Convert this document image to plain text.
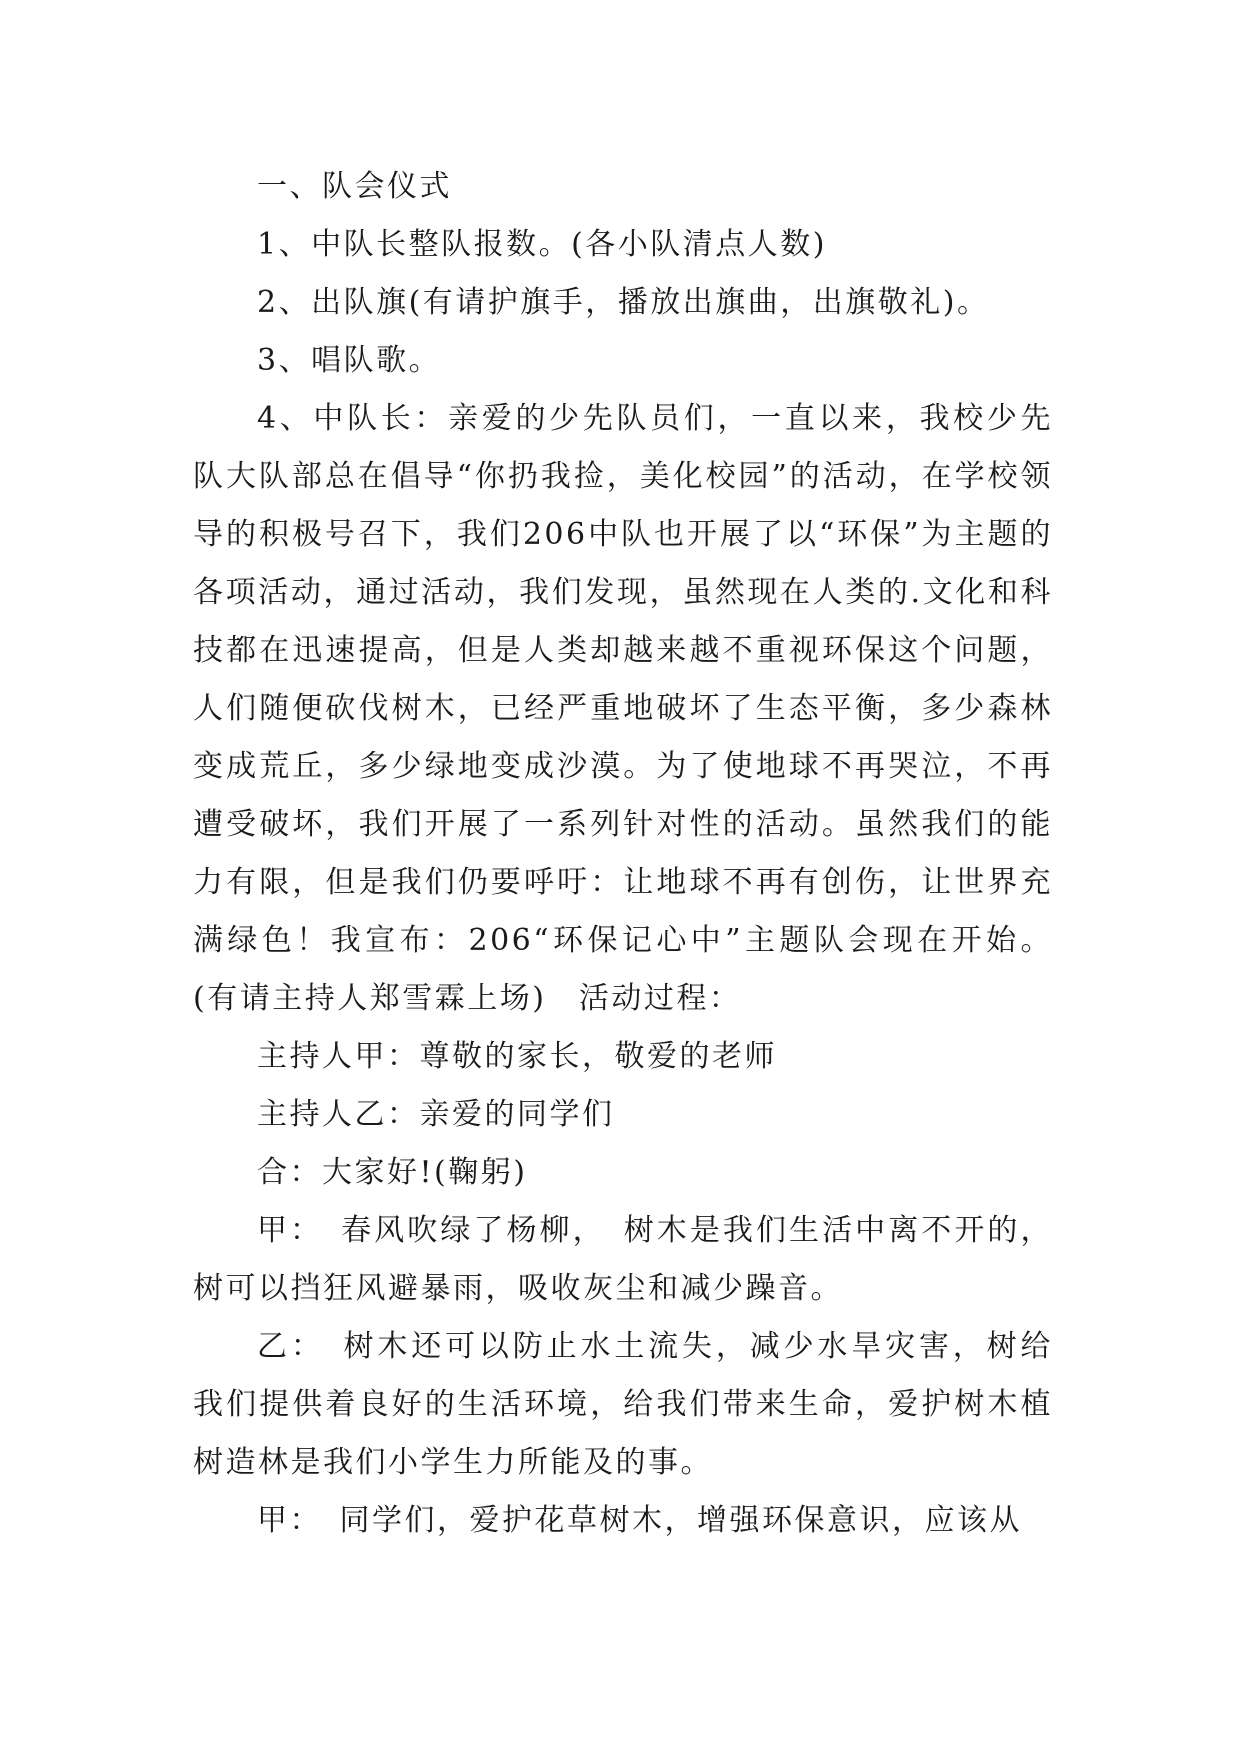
一、队会仪式

1、中队长整队报数。(各小队清点人数)

2、出队旗(有请护旗手，播放出旗曲，出旗敬礼)。

3、唱队歌。

4、中队长：亲爱的少先队员们，一直以来，我校少先队大队部总在倡导“你扔我捡，美化校园”的活动，在学校领导的积极号召下，我们206中队也开展了以“环保”为主题的各项活动，通过活动，我们发现，虽然现在人类的.文化和科技都在迅速提高，但是人类却越来越不重视环保这个问题，人们随便砍伐树木，已经严重地破坏了生态平衡，多少森林变成荒丘，多少绿地变成沙漠。为了使地球不再哭泣，不再遭受破坏，我们开展了一系列针对性的活动。虽然我们的能力有限，但是我们仍要呼吁：让地球不再有创伤，让世界充满绿色！我宣布：206“环保记心中”主题队会现在开始。(有请主持人郑雪霖上场)　活动过程：

主持人甲：尊敬的家长，敬爱的老师

主持人乙：亲爱的同学们

合：大家好!(鞠躬)

甲：　春风吹绿了杨柳，　树木是我们生活中离不开的，树可以挡狂风避暴雨，吸收灰尘和减少躁音。

乙：　树木还可以防止水土流失，减少水旱灾害，树给我们提供着良好的生活环境，给我们带来生命，爱护树木植树造林是我们小学生力所能及的事。

甲：　同学们，爱护花草树木，增强环保意识，应该从
